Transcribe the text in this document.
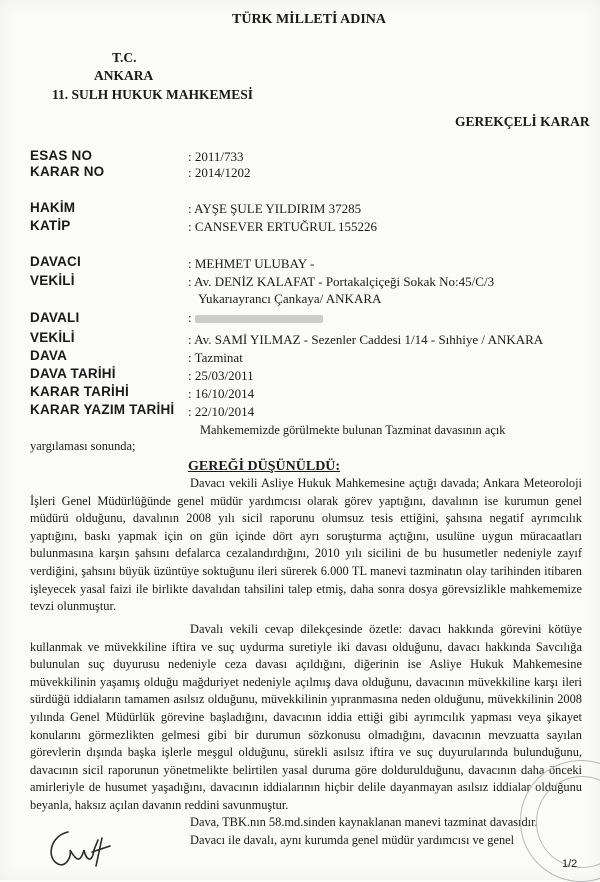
TÜRK MİLLETİ ADINA
T.C.
ANKARA
11. SULH HUKUK MAHKEMESİ
GEREKÇELİ KARAR
ESAS NO	: 2011/733
KARAR NO	: 2014/1202
HAKİM	: AYŞE ŞULE YILDIRIM 37285
KATİP	: CANSEVER ERTUĞRUL 155226
DAVACI	: MEHMET ULUBAY -
VEKİLİ	: Av. DENİZ KALAFAT - Portakalçiçeği Sokak No:45/C/3
Yukarıayrancı Çankaya/ ANKARA
DAVALI	:
VEKİLİ	: Av. SAMİ YILMAZ - Sezenler Caddesi 1/14 - Sıhhiye / ANKARA
DAVA	: Tazminat
DAVA TARİHİ	: 25/03/2011
KARAR TARİHİ	: 16/10/2014
KARAR YAZIM TARİHİ : 22/10/2014
Mahkememizde görülmekte bulunan Tazminat davasının açık
yargılaması sonunda;
GEREĞİ DÜŞÜNÜLDÜ:
Davacı vekili Asliye Hukuk Mahkemesine açtığı davada; Ankara Meteoroloji İşleri Genel Müdürlüğünde genel müdür yardımcısı olarak görev yaptığını, davalının ise kurumun genel müdürü olduğunu, davalının 2008 yılı sicil raporunu olumsuz tesis ettiğini, şahsına negatif ayrımcılık yaptığını, baskı yapmak için on gün içinde dört ayrı soruşturma açtığını, usulüne uygun müracaatları bulunmasına karşın şahsını defalarca cezalandırdığını, 2010 yılı sicilini de bu husumetler nedeniyle zayıf verdiğini, şahsını büyük üzüntüye soktuğunu ileri sürerek 6.000 TL manevi tazminatın olay tarihinden itibaren işleyecek yasal faizi ile birlikte davalıdan tahsilini talep etmiş, daha sonra dosya görevsizlikle mahkememize tevzi olunmuştur.
Davalı vekili cevap dilekçesinde özetle: davacı hakkında görevini kötüye kullanmak ve müvekkiline iftira ve suç uydurma suretiyle iki davası olduğunu, davacı hakkında Savcılığa bulunulan suç duyurusu nedeniyle ceza davası açıldığını, diğerinin ise Asliye Hukuk Mahkemesine müvekkilinin yaşamış olduğu mağduriyet nedeniyle açılmış dava olduğunu, davacının müvekkiline karşı ileri sürdüğü iddiaların tamamen asılsız olduğunu, müvekkilinin yıpranmasına neden olduğunu, müvekkilinin 2008 yılında Genel Müdürlük görevine başladığını, davacının iddia ettiği gibi ayrımcılık yapması veya şikayet konularını görmezlikten gelmesi gibi bir durumun sözkonusu olmadığını, davacının mevzuatta sayılan görevlerin dışında başka işlerle meşgul olduğunu, sürekli asılsız iftira ve suç duyurularında bulunduğunu, davacının sicil raporunun yönetmelikte belirtilen yasal duruma göre doldurulduğunu, davacının daha önceki amirleriyle de husumet yaşadığını, davacının iddialarının hiçbir delile dayanmayan asılsız iddialar olduğunu beyanla, haksız açılan davanın reddini savunmuştur.
Dava, TBK.nın 58.md.sinden kaynaklanan manevi tazminat davasıdır.
Davacı ile davalı, aynı kurumda genel müdür yardımcısı ve genel
1/2
